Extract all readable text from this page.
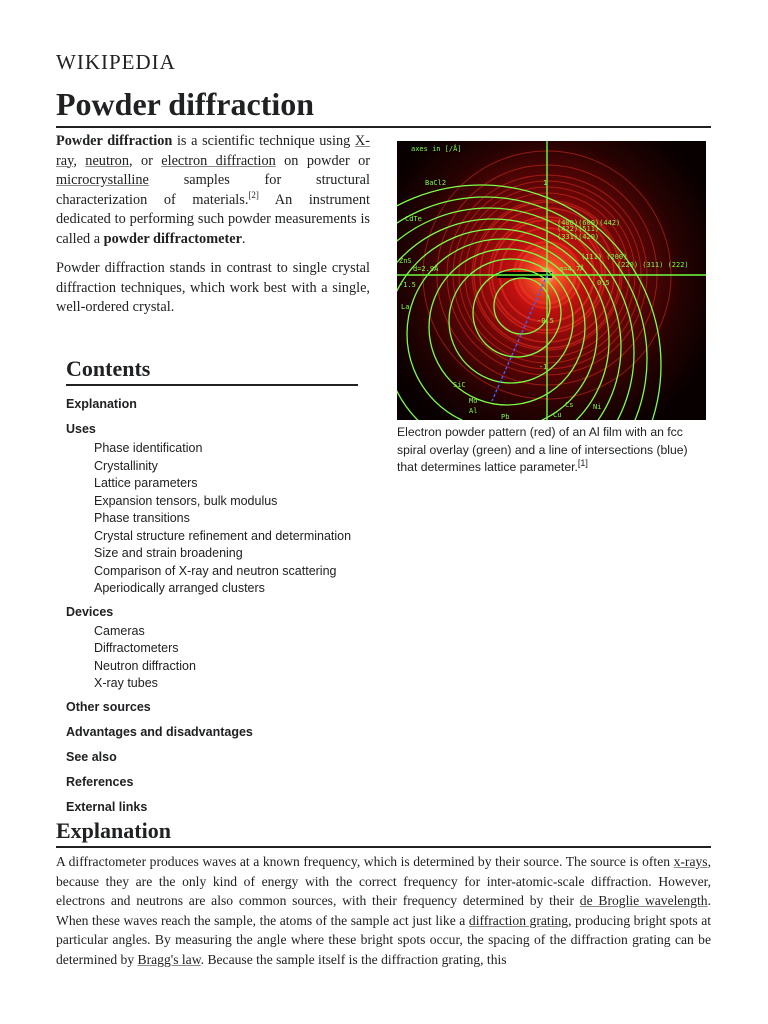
WIKIPEDIA
Powder diffraction

Powder diffraction is a scientific technique using X-ray, neutron, or electron diffraction on powder or microcrystalline samples for structural characterization of materials.[2] An instrument dedicated to performing such powder measurements is called a powder diffractometer.

Powder diffraction stands in contrast to single crystal diffraction techniques, which work best with a single, well-ordered crystal.

axes in [/Å]
BaCl2
CdTe
1
-1
0.5
-0.5
-1.5
(111) (200)
(220) (311) (222)
(331)(420)
(422)(511)
(400)(600)(442)
La
SiC
Al	Cu
Ni
Pb
Cs
ZnS
Mo
d=2.9Å	a=4.7Å
Electron powder pattern (red) of an Al film with an fcc spiral overlay (green) and a line of intersections (blue) that determines lattice parameter.[1]
Contents
Explanation
Uses
Phase identification
Crystallinity
Lattice parameters
Expansion tensors, bulk modulus
Phase transitions
Crystal structure refinement and determination
Size and strain broadening
Comparison of X-ray and neutron scattering
Aperiodically arranged clusters
Devices
Cameras
Diffractometers
Neutron diffraction
X-ray tubes
Other sources
Advantages and disadvantages
See also
References
External links
Explanation
A diffractometer produces waves at a known frequency, which is determined by their source. The source is often x-rays, because they are the only kind of energy with the correct frequency for inter-atomic-scale diffraction. However, electrons and neutrons are also common sources, with their frequency determined by their de Broglie wavelength. When these waves reach the sample, the atoms of the sample act just like a diffraction grating, producing bright spots at particular angles. By measuring the angle where these bright spots occur, the spacing of the diffraction grating can be determined by Bragg's law. Because the sample itself is the diffraction grating, this
